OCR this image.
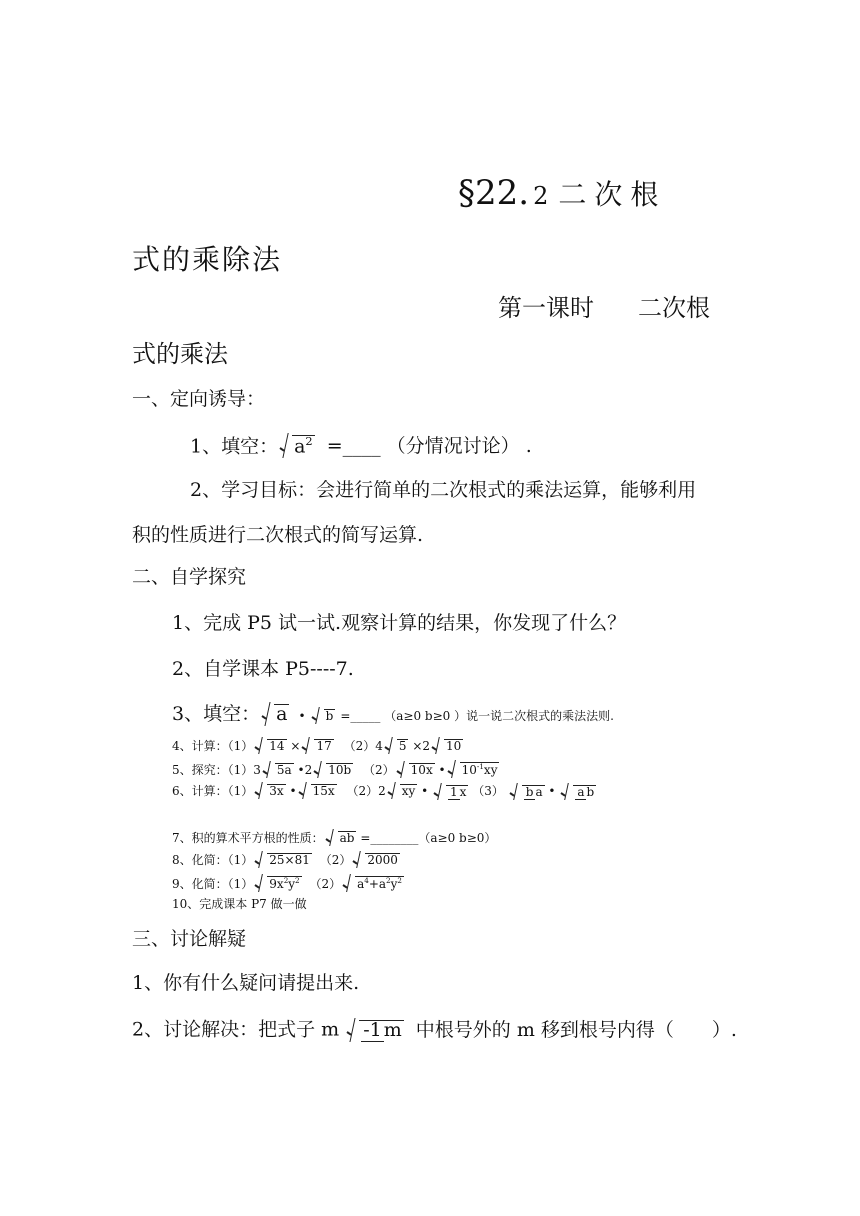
§22. 2 二次根
式的乘除法
第一课时 二次根
式的乘法
一、定向诱导：
1、填空： $a^2$ =____ （分情况讨论） .
2、学习目标：会进行简单的二次根式的乘法运算，能够利用
积的性质进行二次根式的简写运算.
二、自学探究
1、完成 P5 试一试.观察计算的结果，你发现了什么？
2、自学课本 P5----7.
3、填空： a • b =_____ （a≥0 b≥0 ）说一说二次根式的乘法法则.
4、计算：（1） 14 × 17 （2）4 5 ×2 10
5、探究：（1）3 5a •2 10b （2） 10x • $10^{-1}xy$
6、计算：（1） 3x • 15x （2）2 xy • 1 x （3） b a • a b
7、积的算术平方根的性质： ab =________（a≥0 b≥0）
8、化简：（1） 25×81 （2） 2000
9、化简：（1） $9x^2y^2$ （2） $a^4+a^2y^2$
10、完成课本 P7 做一做
三、讨论解疑
1、你有什么疑问请提出来.
2、讨论解决：把式子 m -1 m 中根号外的 m 移到根号内得（　　）.
